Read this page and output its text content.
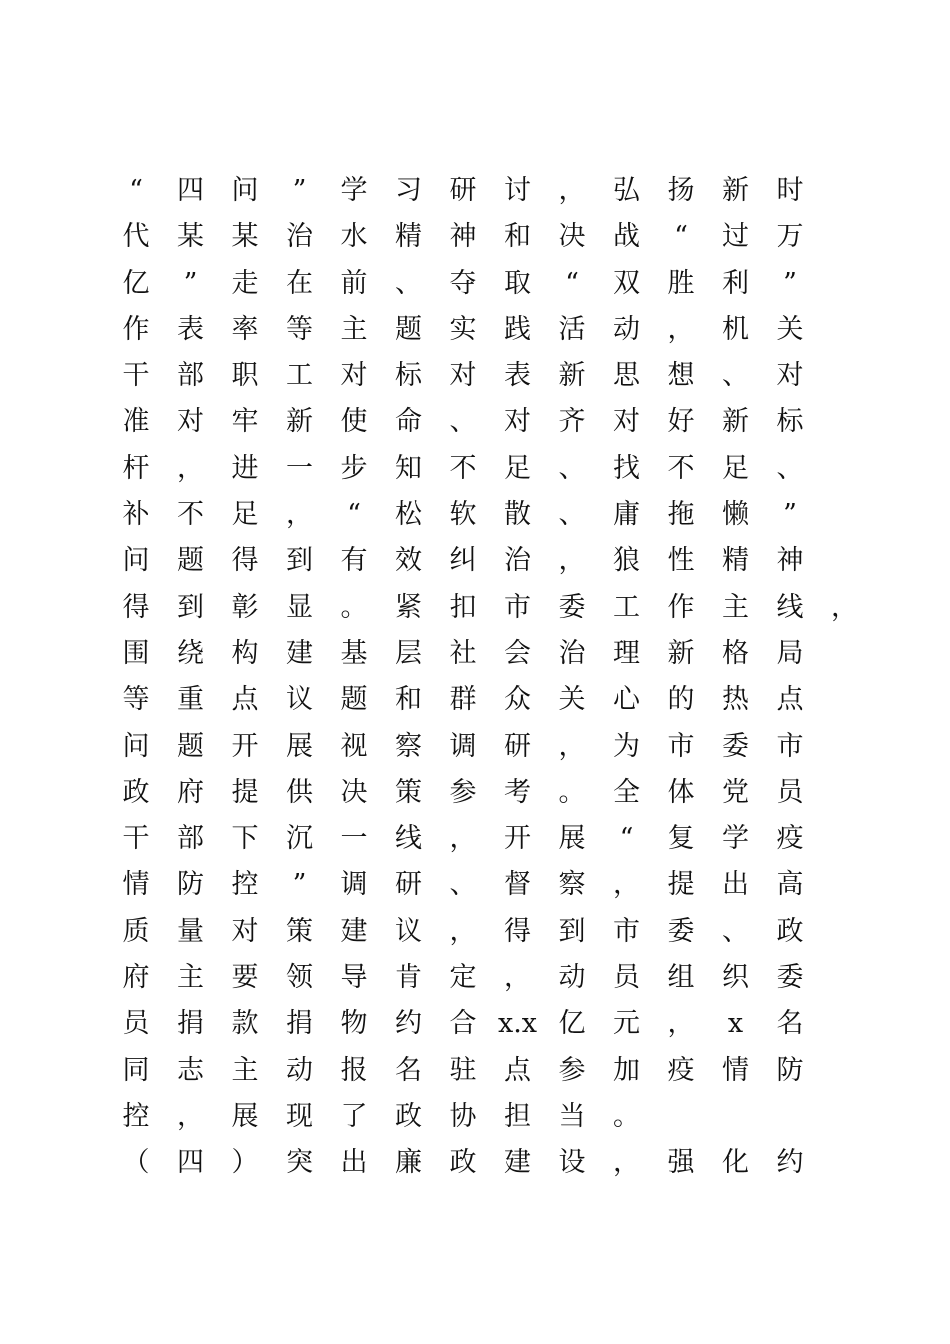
“	四	问	”	学	习	研	讨	，	弘	扬	新	时
代	某	某	治	水	精	神	和	决	战	“	过	万
亿	”	走	在	前	、	夺	取	“	双	胜	利	”
作	表	率	等	主	题	实	践	活	动	，	机	关
干	部	职	工	对	标	对	表	新	思	想	、	对
准	对	牢	新	使	命	、	对	齐	对	好	新	标
杆	，	进	一	步	知	不	足	、	找	不	足	、
补	不	足	，	“	松	软	散	、	庸	拖	懒	”
问	题	得	到	有	效	纠	治	，	狼	性	精	神
得	到	彰	显	。	紧	扣	市	委	工	作	主	线	，
围	绕	构	建	基	层	社	会	治	理	新	格	局
等	重	点	议	题	和	群	众	关	心	的	热	点
问	题	开	展	视	察	调	研	，	为	市	委	市
政	府	提	供	决	策	参	考	。	全	体	党	员
干	部	下	沉	一	线	，	开	展	“	复	学	疫
情	防	控	”	调	研	、	督	察	，	提	出	高
质	量	对	策	建	议	，	得	到	市	委	、	政
府	主	要	领	导	肯	定	，	动	员	组	织	委
员	捐	款	捐	物	约	合 x.x 亿	元	，	x	名
同	志	主	动	报	名	驻	点	参	加	疫	情	防
控	，	展	现	了	政	协	担	当	。
（	四	）	突	出	廉	政	建	设	，	强	化	约
